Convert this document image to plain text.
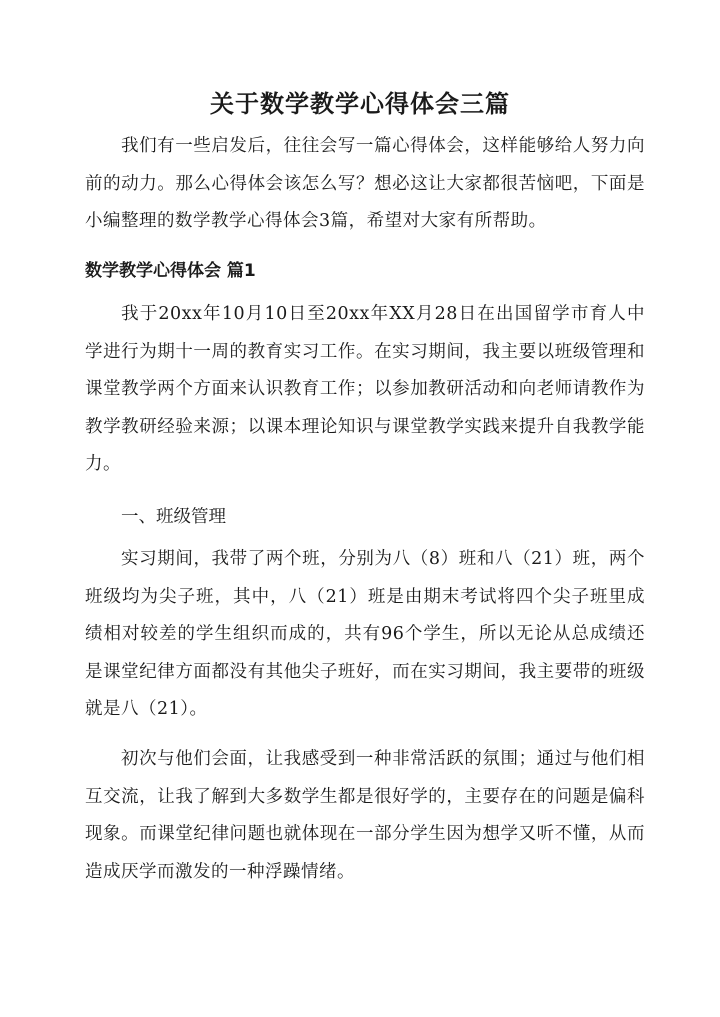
关于数学教学心得体会三篇

我们有一些启发后，往往会写一篇心得体会，这样能够给人努力向前的动力。那么心得体会该怎么写？想必这让大家都很苦恼吧，下面是小编整理的数学教学心得体会3篇，希望对大家有所帮助。

数学教学心得体会 篇1

我于20xx年10月10日至20xx年XX月28日在出国留学市育人中学进行为期十一周的教育实习工作。在实习期间，我主要以班级管理和课堂教学两个方面来认识教育工作；以参加教研活动和向老师请教作为教学教研经验来源；以课本理论知识与课堂教学实践来提升自我教学能力。

一、班级管理

实习期间，我带了两个班，分别为八（8）班和八（21）班，两个班级均为尖子班，其中，八（21）班是由期末考试将四个尖子班里成绩相对较差的学生组织而成的，共有96个学生，所以无论从总成绩还是课堂纪律方面都没有其他尖子班好，而在实习期间，我主要带的班级就是八（21）。

初次与他们会面，让我感受到一种非常活跃的氛围；通过与他们相互交流，让我了解到大多数学生都是很好学的，主要存在的问题是偏科现象。而课堂纪律问题也就体现在一部分学生因为想学又听不懂，从而造成厌学而激发的一种浮躁情绪。
